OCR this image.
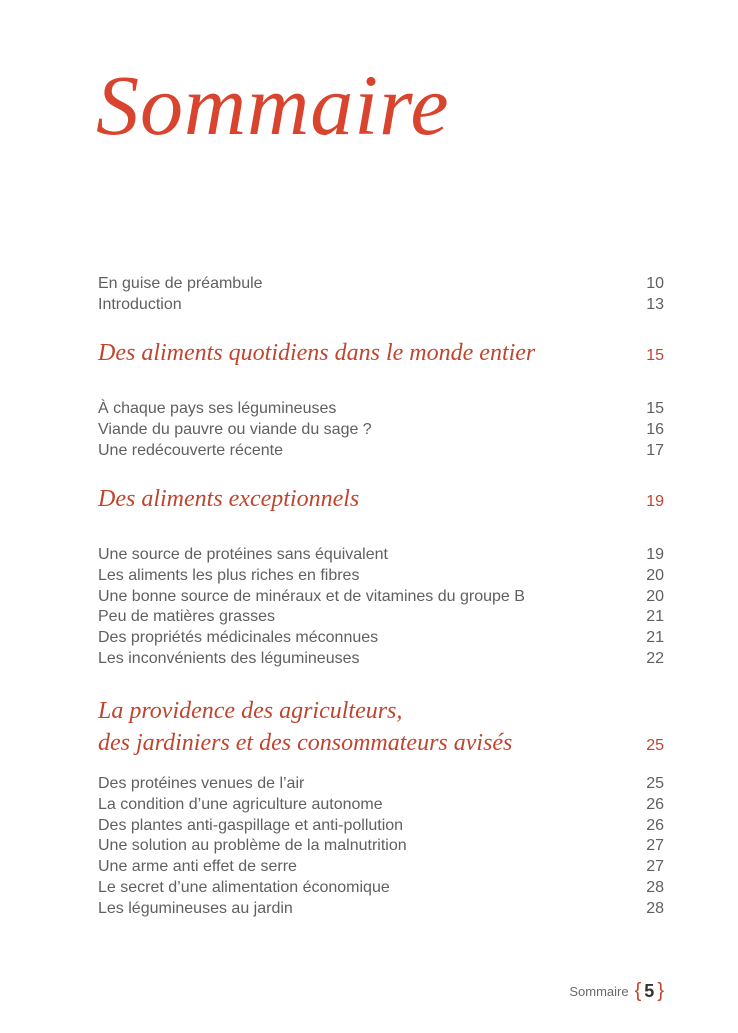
Sommaire
En guise de préambule	10
Introduction	13
Des aliments quotidiens dans le monde entier	15
À chaque pays ses légumineuses	15
Viande du pauvre ou viande du sage ?	16
Une redécouverte récente	17
Des aliments exceptionnels	19
Une source de protéines sans équivalent	19
Les aliments les plus riches en fibres	20
Une bonne source de minéraux et de vitamines du groupe B	20
Peu de matières grasses	21
Des propriétés médicinales méconnues	21
Les inconvénients des légumineuses	22
La providence des agriculteurs,
des jardiniers et des consommateurs avisés	25
Des protéines venues de l’air	25
La condition d’une agriculture autonome	26
Des plantes anti-gaspillage et anti-pollution	26
Une solution au problème de la malnutrition	27
Une arme anti effet de serre	27
Le secret d’une alimentation économique	28
Les légumineuses au jardin	28
Sommaire { 5 }
